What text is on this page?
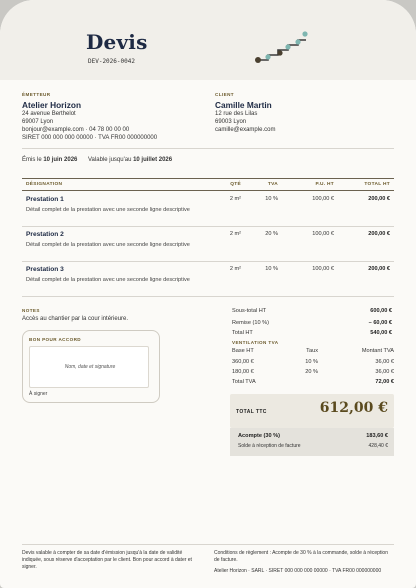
Devis
DEV-2026-0042
ÉMETTEUR
Atelier Horizon
24 avenue Berthelot
69007 Lyon
bonjour@example.com · 04 78 00 00 00
SIRET 000 000 000 00000 · TVA FR00 000000000
CLIENT
Camille Martin
12 rue des Lilas
69003 Lyon
camille@example.com
Émis le 10 juin 2026 Valable jusqu'au 10 juillet 2026
DÉSIGNATION	QTÉ	TVA	P.U. HT	TOTAL HT
Prestation 1
Détail complet de la prestation avec une seconde ligne descriptive
2 m²	10 %	100,00 €	200,00 €
Prestation 2
Détail complet de la prestation avec une seconde ligne descriptive
2 m²	20 %	100,00 €	200,00 €
Prestation 3
Détail complet de la prestation avec une seconde ligne descriptive
2 m²	10 %	100,00 €	200,00 €
NOTES
Accès au chantier par la cour intérieure.
BON POUR ACCORD
Nom, date et signature
À signer
Sous-total HT	600,00 €
Remise (10 %)	– 60,00 €
Total HT	540,00 €
VENTILATION TVA
Base HT	Taux	Montant TVA
360,00 €	10 %	36,00 €
180,00 €	20 %	36,00 €
Total TVA	72,00 €
TOTAL TTC	612,00 €
Acompte (30 %)	183,60 €
Solde à réception de facture	428,40 €
Devis valable à compter de sa date d'émission jusqu'à la date de validité indiquée, sous réserve d'acceptation par le client. Bon pour accord à dater et signer.
Conditions de règlement : Acompte de 30 % à la commande, solde à réception de facture.
Atelier Horizon · SARL · SIRET 000 000 000 00000 · TVA FR00 000000000
